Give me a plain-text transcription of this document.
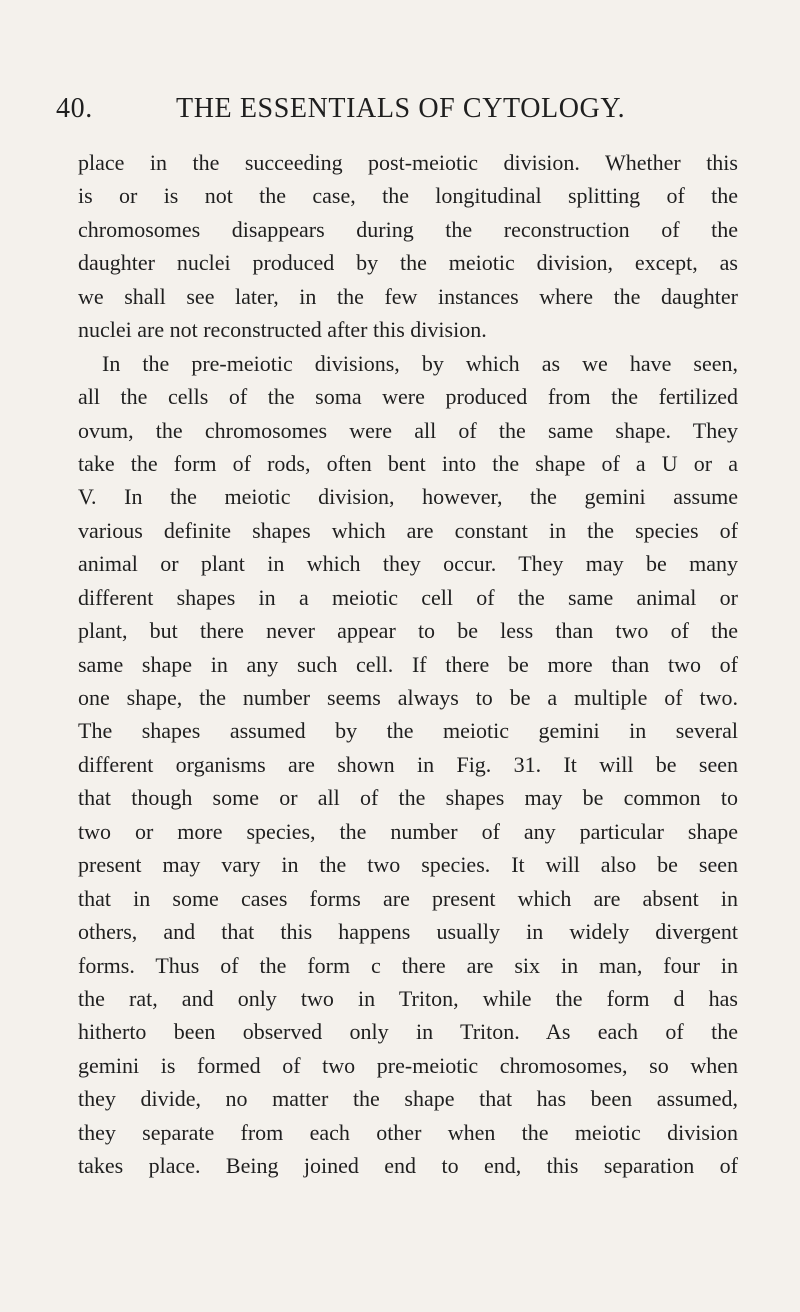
40.	THE ESSENTIALS OF CYTOLOGY.
place in the succeeding post-meiotic division. Whether this
is or is not the case, the longitudinal splitting of the
chromosomes disappears during the reconstruction of the
daughter nuclei produced by the meiotic division, except, as
we shall see later, in the few instances where the daughter
nuclei are not reconstructed after this division.
In the pre-meiotic divisions, by which as we have seen,
all the cells of the soma were produced from the fertilized
ovum, the chromosomes were all of the same shape. They
take the form of rods, often bent into the shape of a U or a
V. In the meiotic division, however, the gemini assume
various definite shapes which are constant in the species of
animal or plant in which they occur. They may be many
different shapes in a meiotic cell of the same animal or
plant, but there never appear to be less than two of the
same shape in any such cell. If there be more than two of
one shape, the number seems always to be a multiple of two.
The shapes assumed by the meiotic gemini in several
different organisms are shown in Fig. 31. It will be seen
that though some or all of the shapes may be common to
two or more species, the number of any particular shape
present may vary in the two species. It will also be seen
that in some cases forms are present which are absent in
others, and that this happens usually in widely divergent
forms. Thus of the form c there are six in man, four in
the rat, and only two in Triton, while the form d has
hitherto been observed only in Triton. As each of the
gemini is formed of two pre-meiotic chromosomes, so when
they divide, no matter the shape that has been assumed,
they separate from each other when the meiotic division
takes place. Being joined end to end, this separation of
